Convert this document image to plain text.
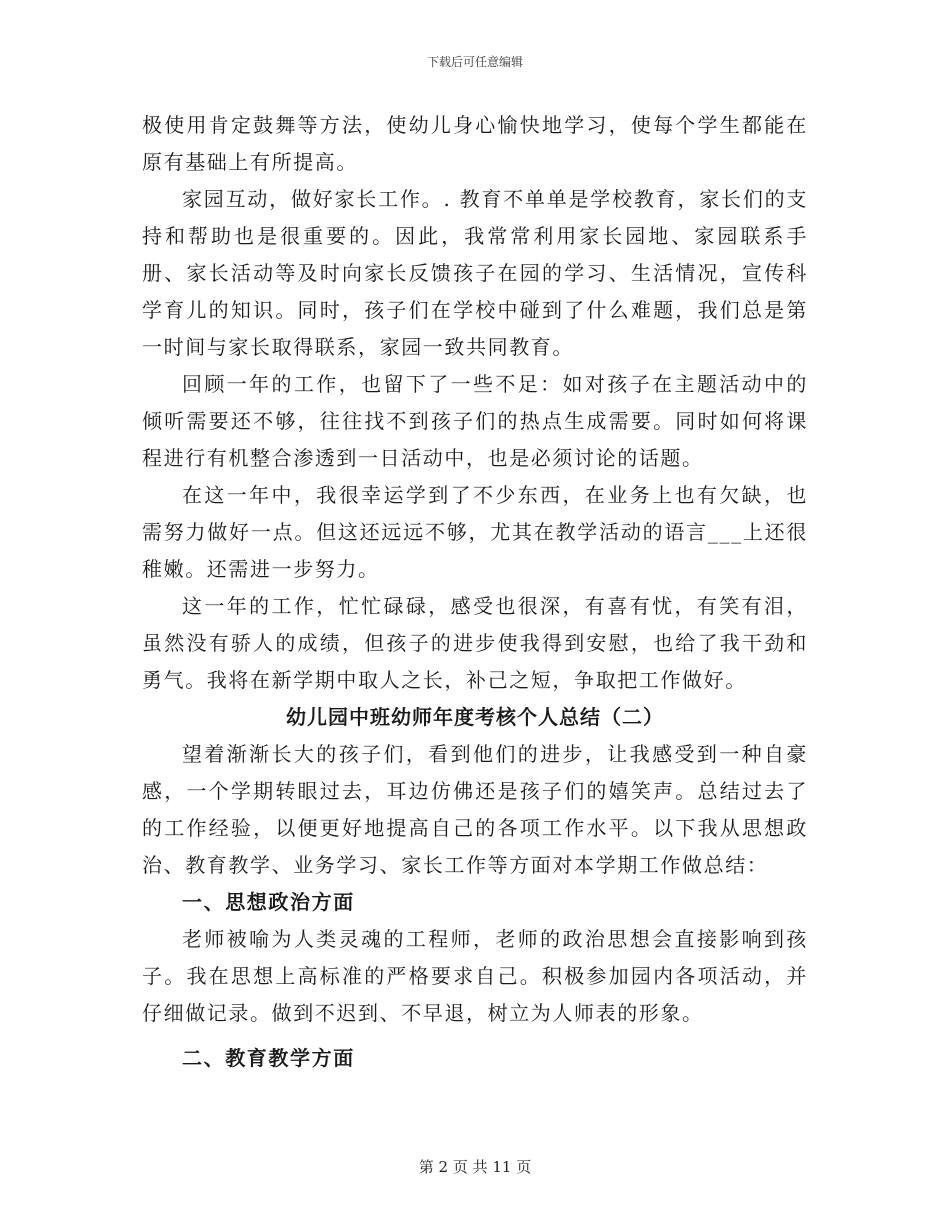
下载后可任意编辑

极使用肯定鼓舞等方法，使幼儿身心愉快地学习，使每个学生都能在原有基础上有所提高。

家园互动，做好家长工作。. 教育不单单是学校教育，家长们的支持和帮助也是很重要的。因此，我常常利用家长园地、家园联系手册、家长活动等及时向家长反馈孩子在园的学习、生活情况，宣传科学育儿的知识。同时，孩子们在学校中碰到了什么难题，我们总是第一时间与家长取得联系，家园一致共同教育。

回顾一年的工作，也留下了一些不足：如对孩子在主题活动中的倾听需要还不够，往往找不到孩子们的热点生成需要。同时如何将课程进行有机整合渗透到一日活动中，也是必须讨论的话题。

在这一年中，我很幸运学到了不少东西，在业务上也有欠缺，也需努力做好一点。但这还远远不够，尤其在教学活动的语言___上还很稚嫩。还需进一步努力。

这一年的工作，忙忙碌碌，感受也很深，有喜有忧，有笑有泪，虽然没有骄人的成绩，但孩子的进步使我得到安慰，也给了我干劲和勇气。我将在新学期中取人之长，补己之短，争取把工作做好。

幼儿园中班幼师年度考核个人总结（二）

望着渐渐长大的孩子们，看到他们的进步，让我感受到一种自豪感，一个学期转眼过去，耳边仿佛还是孩子们的嬉笑声。总结过去了的工作经验，以便更好地提高自己的各项工作水平。以下我从思想政治、教育教学、业务学习、家长工作等方面对本学期工作做总结：

一、思想政治方面

老师被喻为人类灵魂的工程师，老师的政治思想会直接影响到孩子。我在思想上高标准的严格要求自己。积极参加园内各项活动，并仔细做记录。做到不迟到、不早退，树立为人师表的形象。

二、教育教学方面

第 2 页 共 11 页
